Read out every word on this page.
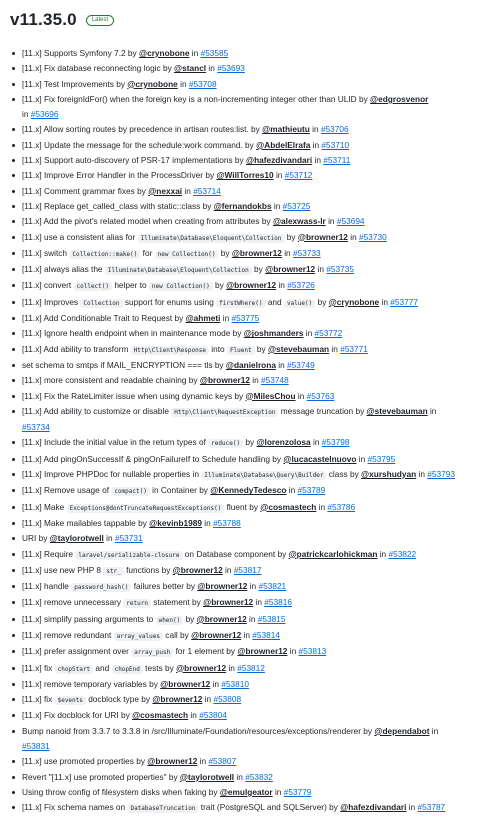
v11.35.0	Latest
[11.x] Supports Symfony 7.2 by @crynobone in #53585
[11.x] Fix database reconnecting logic by @stancl in #53693
[11.x] Test Improvements by @crynobone in #53708
[11.x] Fix foreignIdFor() when the foreign key is a non-incrementing integer other than ULID by @edgrosvenor
in #53696
[11.x] Allow sorting routes by precedence in artisan routes:list. by @mathieutu in #53706
[11.x] Update the message for the schedule:work command. by @AbdelElrafa in #53710
[11.x] Support auto-discovery of PSR-17 implementations by @hafezdivandari in #53711
[11.x] Improve Error Handler in the ProcessDriver by @WillTorres10 in #53712
[11.x] Comment grammar fixes by @nexxai in #53714
[11.x] Replace get_called_class with static::class by @fernandokbs in #53725
[11.x] Add the pivot's related model when creating from attributes by @alexwass-lr in #53694
[11.x] use a consistent alias for Illuminate\Database\Eloquent\Collection by @browner12 in #53730
[11.x] switch Collection::make() for new Collection() by @browner12 in #53733
[11.x] always alias the Illuminate\Database\Eloquent\Collection by @browner12 in #53735
[11.x] convert collect() helper to new Collection() by @browner12 in #53726
[11.x] Improves Collection support for enums using firstWhere() and value() by @crynobone in #53777
[11.x] Add Conditionable Trait to Request by @ahmeti in #53775
[11.x] Ignore health endpoint when in maintenance mode by @joshmanders in #53772
[11.x] Add ability to transform Http\Client\Response into Fluent by @stevebauman in #53771
set schema to smtps if MAIL_ENCRYPTION === tls by @danielrona in #53749
[11.x] more consistent and readable chaining by @browner12 in #53748
[11.x] Fix the RateLimiter issue when using dynamic keys by @MilesChou in #53763
[11.x] Add ability to customize or disable Http\Client\RequestException message truncation by @stevebauman in
#53734
[11.x] Include the initial value in the return types of reduce() by @lorenzolosa in #53798
[11.x] Add pingOnSuccessIf & pingOnFailureIf to Schedule handling by @lucacastelnuovo in #53795
[11.x] Improve PHPDoc for nullable properties in Illuminate\Database\Query\Builder class by @xurshudyan in #53793
[11.x] Remove usage of compact() in Container by @KennedyTedesco in #53789
[11.x] Make Exceptions@dontTruncateRequestExceptions() fluent by @cosmastech in #53786
[11.x] Make mailables tappable by @kevinb1989 in #53788
URI by @taylorotwell in #53731
[11.x] Require laravel/serializable-closure on Database component by @patrickcarlohickman in #53822
[11.x] use new PHP 8 str_ functions by @browner12 in #53817
[11.x] handle password_hash() failures better by @browner12 in #53821
[11.x] remove unnecessary return statement by @browner12 in #53816
[11.x] simplify passing arguments to when() by @browner12 in #53815
[11.x] remove redundant array_values call by @browner12 in #53814
[11.x] prefer assignment over array_push for 1 element by @browner12 in #53813
[11.x] fix chopStart and chopEnd tests by @browner12 in #53812
[11.x] remove temporary variables by @browner12 in #53810
[11.x] fix $events docblock type by @browner12 in #53808
[11.x] Fix docblock for URI by @cosmastech in #53804
Bump nanoid from 3.3.7 to 3.3.8 in /src/Illuminate/Foundation/resources/exceptions/renderer by @dependabot in
#53831
[11.x] use promoted properties by @browner12 in #53807
Revert "[11.x] use promoted properties" by @taylorotwell in #53832
Using throw config of filesystem disks when faking by @emulgeator in #53779
[11.x] Fix schema names on DatabaseTruncation trait (PostgreSQL and SQLServer) by @hafezdivandari in #53787
